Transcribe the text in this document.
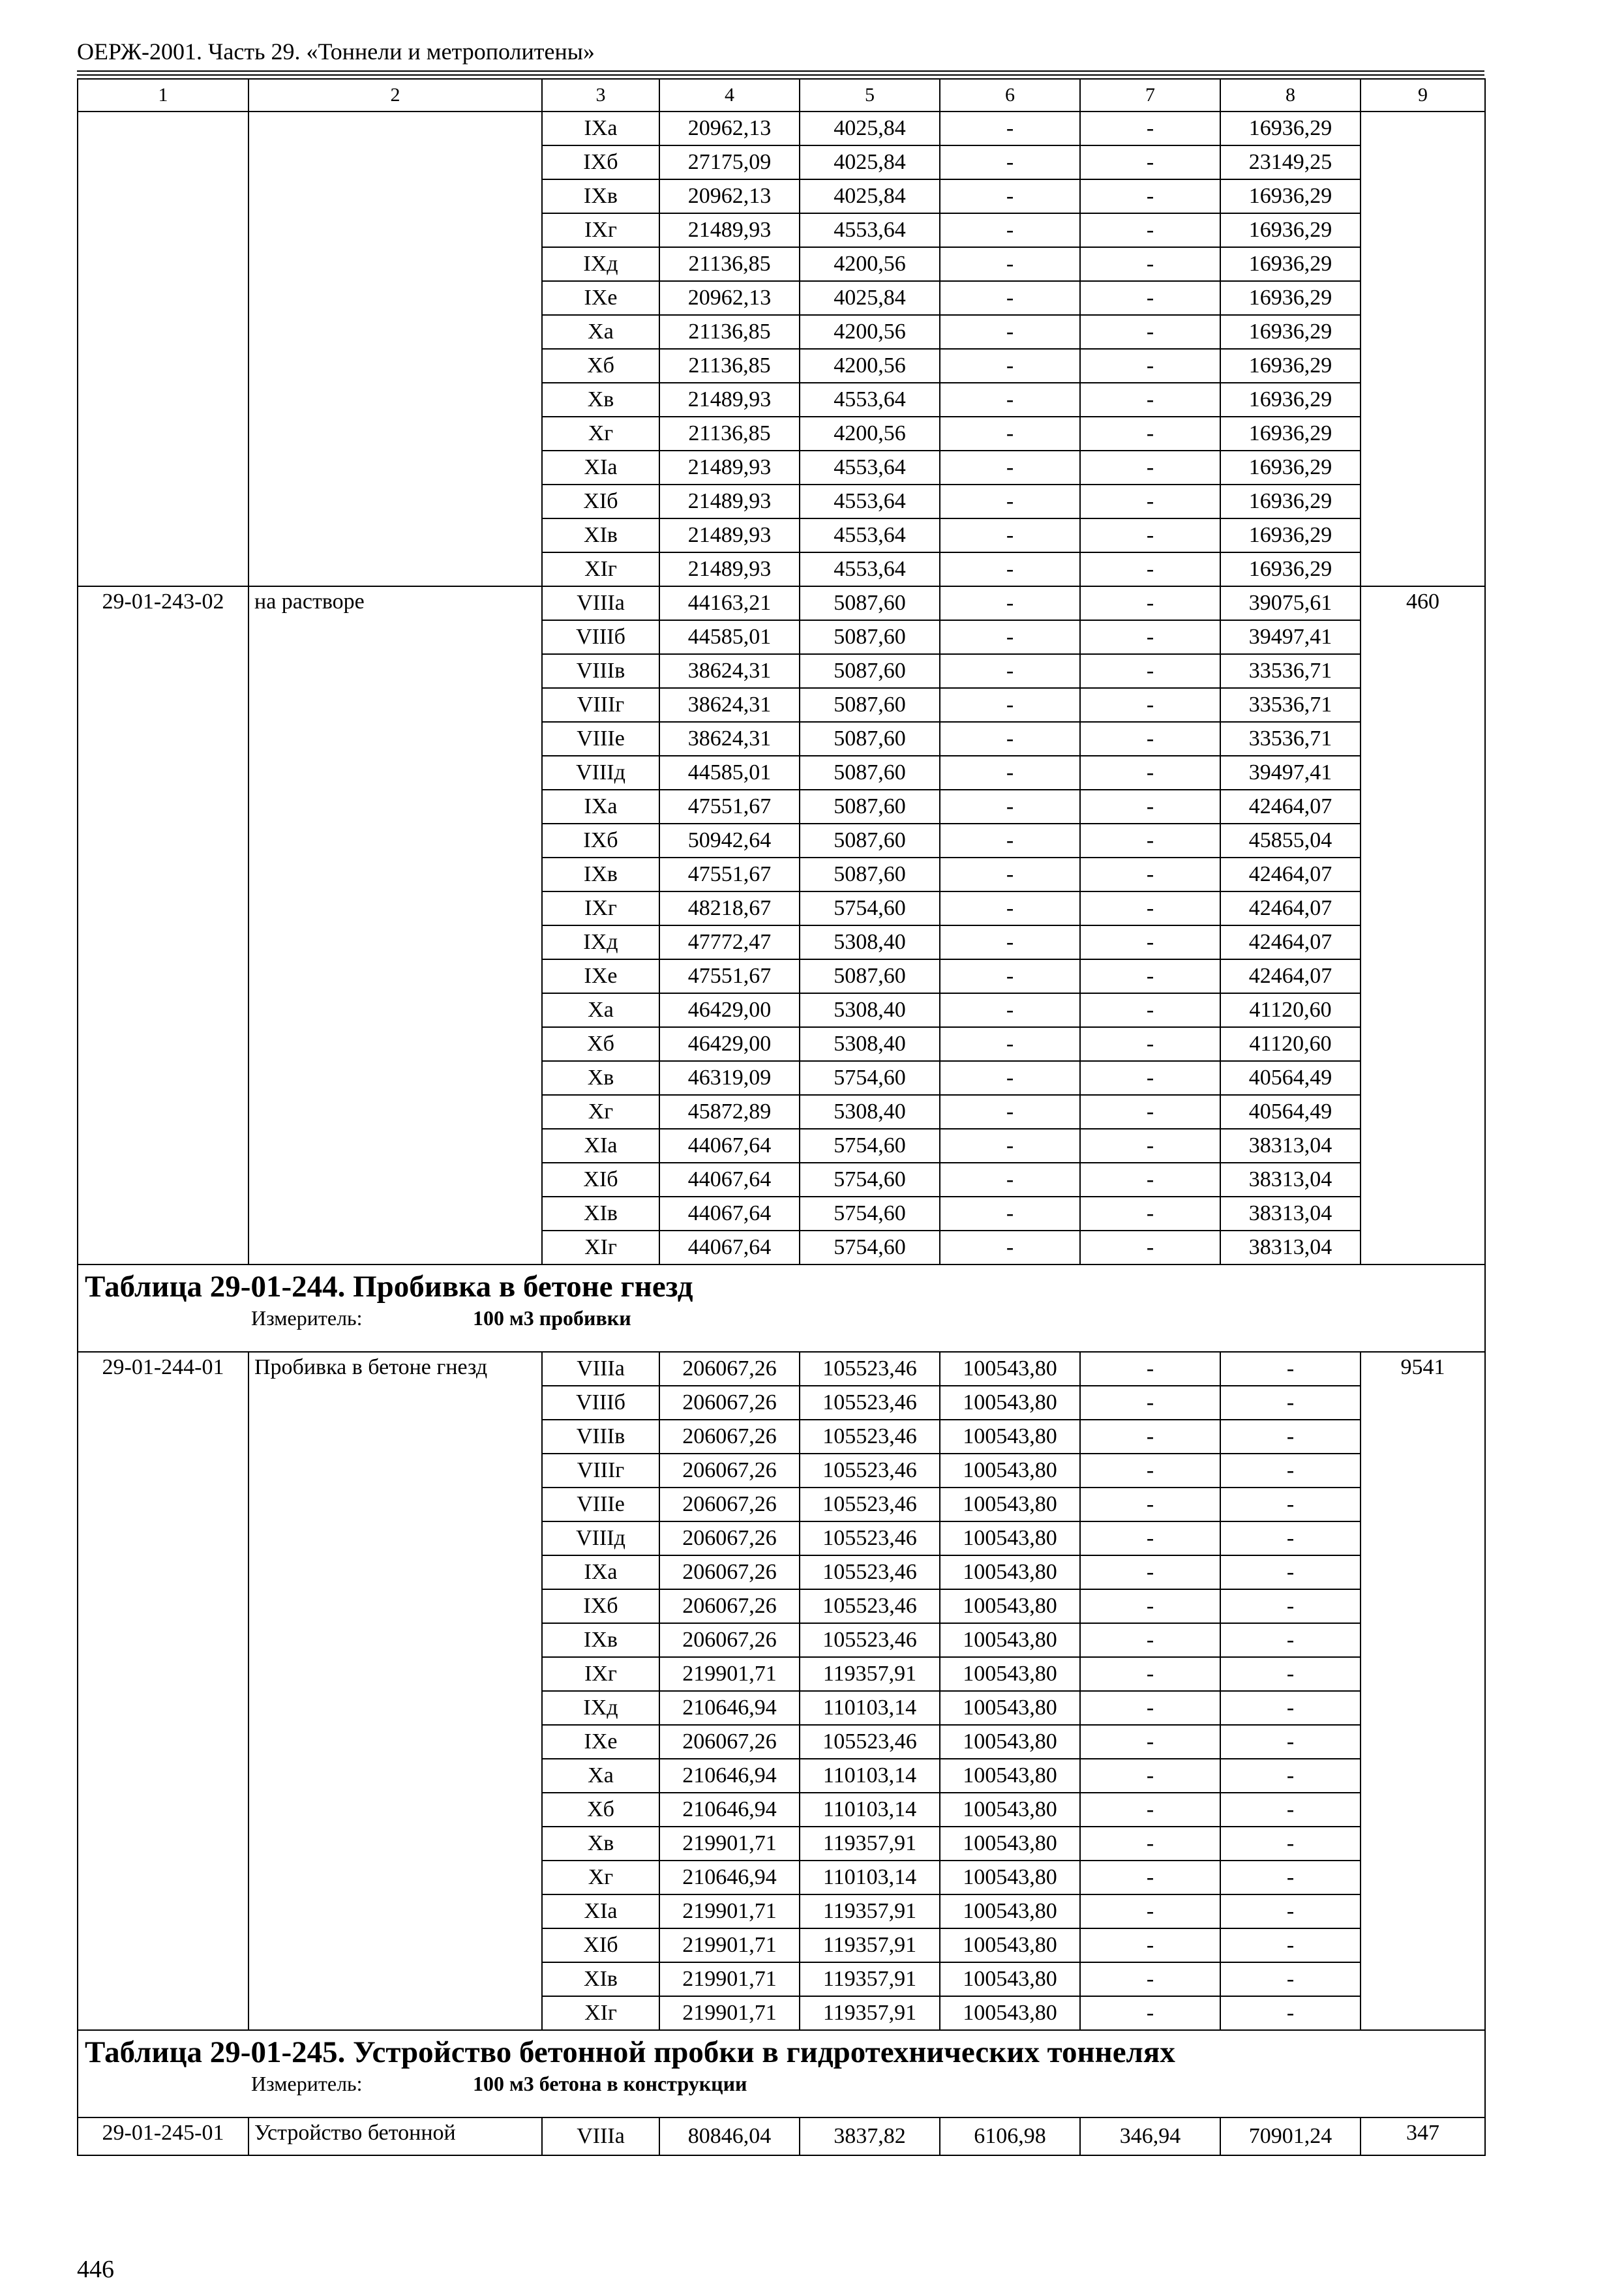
ОЕРЖ-2001. Часть 29. «Тоннели и метрополитены»
1	2	3	4	5	6	7	8	9
		IXа	20962,13	4025,84	-	-	16936,29	
		IXб	27175,09	4025,84	-	-	23149,25	
		IXв	20962,13	4025,84	-	-	16936,29	
		IXг	21489,93	4553,64	-	-	16936,29	
		IXд	21136,85	4200,56	-	-	16936,29	
		IXе	20962,13	4025,84	-	-	16936,29	
		Xа	21136,85	4200,56	-	-	16936,29	
		Xб	21136,85	4200,56	-	-	16936,29	
		Xв	21489,93	4553,64	-	-	16936,29	
		Xг	21136,85	4200,56	-	-	16936,29	
		XIа	21489,93	4553,64	-	-	16936,29	
		XIб	21489,93	4553,64	-	-	16936,29	
		XIв	21489,93	4553,64	-	-	16936,29	
		XIг	21489,93	4553,64	-	-	16936,29	
29-01-243-02	на растворе	VIIIа	44163,21	5087,60	-	-	39075,61	460
		VIIIб	44585,01	5087,60	-	-	39497,41	
		VIIIв	38624,31	5087,60	-	-	33536,71	
		VIIIг	38624,31	5087,60	-	-	33536,71	
		VIIIе	38624,31	5087,60	-	-	33536,71	
		VIIIд	44585,01	5087,60	-	-	39497,41	
		IXа	47551,67	5087,60	-	-	42464,07	
		IXб	50942,64	5087,60	-	-	45855,04	
		IXв	47551,67	5087,60	-	-	42464,07	
		IXг	48218,67	5754,60	-	-	42464,07	
		IXд	47772,47	5308,40	-	-	42464,07	
		IXе	47551,67	5087,60	-	-	42464,07	
		Xа	46429,00	5308,40	-	-	41120,60	
		Xб	46429,00	5308,40	-	-	41120,60	
		Xв	46319,09	5754,60	-	-	40564,49	
		Xг	45872,89	5308,40	-	-	40564,49	
		XIа	44067,64	5754,60	-	-	38313,04	
		XIб	44067,64	5754,60	-	-	38313,04	
		XIв	44067,64	5754,60	-	-	38313,04	
		XIг	44067,64	5754,60	-	-	38313,04	

Таблица 29-01-244. Пробивка в бетоне гнезд
Измеритель: 100 м3 пробивки								

29-01-244-01	Пробивка в бетоне гнезд	VIIIа	206067,26	105523,46	100543,80	-	-	9541
		VIIIб	206067,26	105523,46	100543,80	-	-	
		VIIIв	206067,26	105523,46	100543,80	-	-	
		VIIIг	206067,26	105523,46	100543,80	-	-	
		VIIIе	206067,26	105523,46	100543,80	-	-	
		VIIIд	206067,26	105523,46	100543,80	-	-	
		IXа	206067,26	105523,46	100543,80	-	-	
		IXб	206067,26	105523,46	100543,80	-	-	
		IXв	206067,26	105523,46	100543,80	-	-	
		IXг	219901,71	119357,91	100543,80	-	-	
		IXд	210646,94	110103,14	100543,80	-	-	
		IXе	206067,26	105523,46	100543,80	-	-	
		Xа	210646,94	110103,14	100543,80	-	-	
		Xб	210646,94	110103,14	100543,80	-	-	
		Xв	219901,71	119357,91	100543,80	-	-	
		Xг	210646,94	110103,14	100543,80	-	-	
		XIа	219901,71	119357,91	100543,80	-	-	
		XIб	219901,71	119357,91	100543,80	-	-	
		XIв	219901,71	119357,91	100543,80	-	-	
		XIг	219901,71	119357,91	100543,80	-	-	

Таблица 29-01-245. Устройство бетонной пробки в гидротехнических тоннелях
Измеритель: 100 м3 бетона в конструкции								

29-01-245-01	Устройство бетонной	VIIIа	80846,04	3837,82	6106,98	346,94	70901,24	347
446
